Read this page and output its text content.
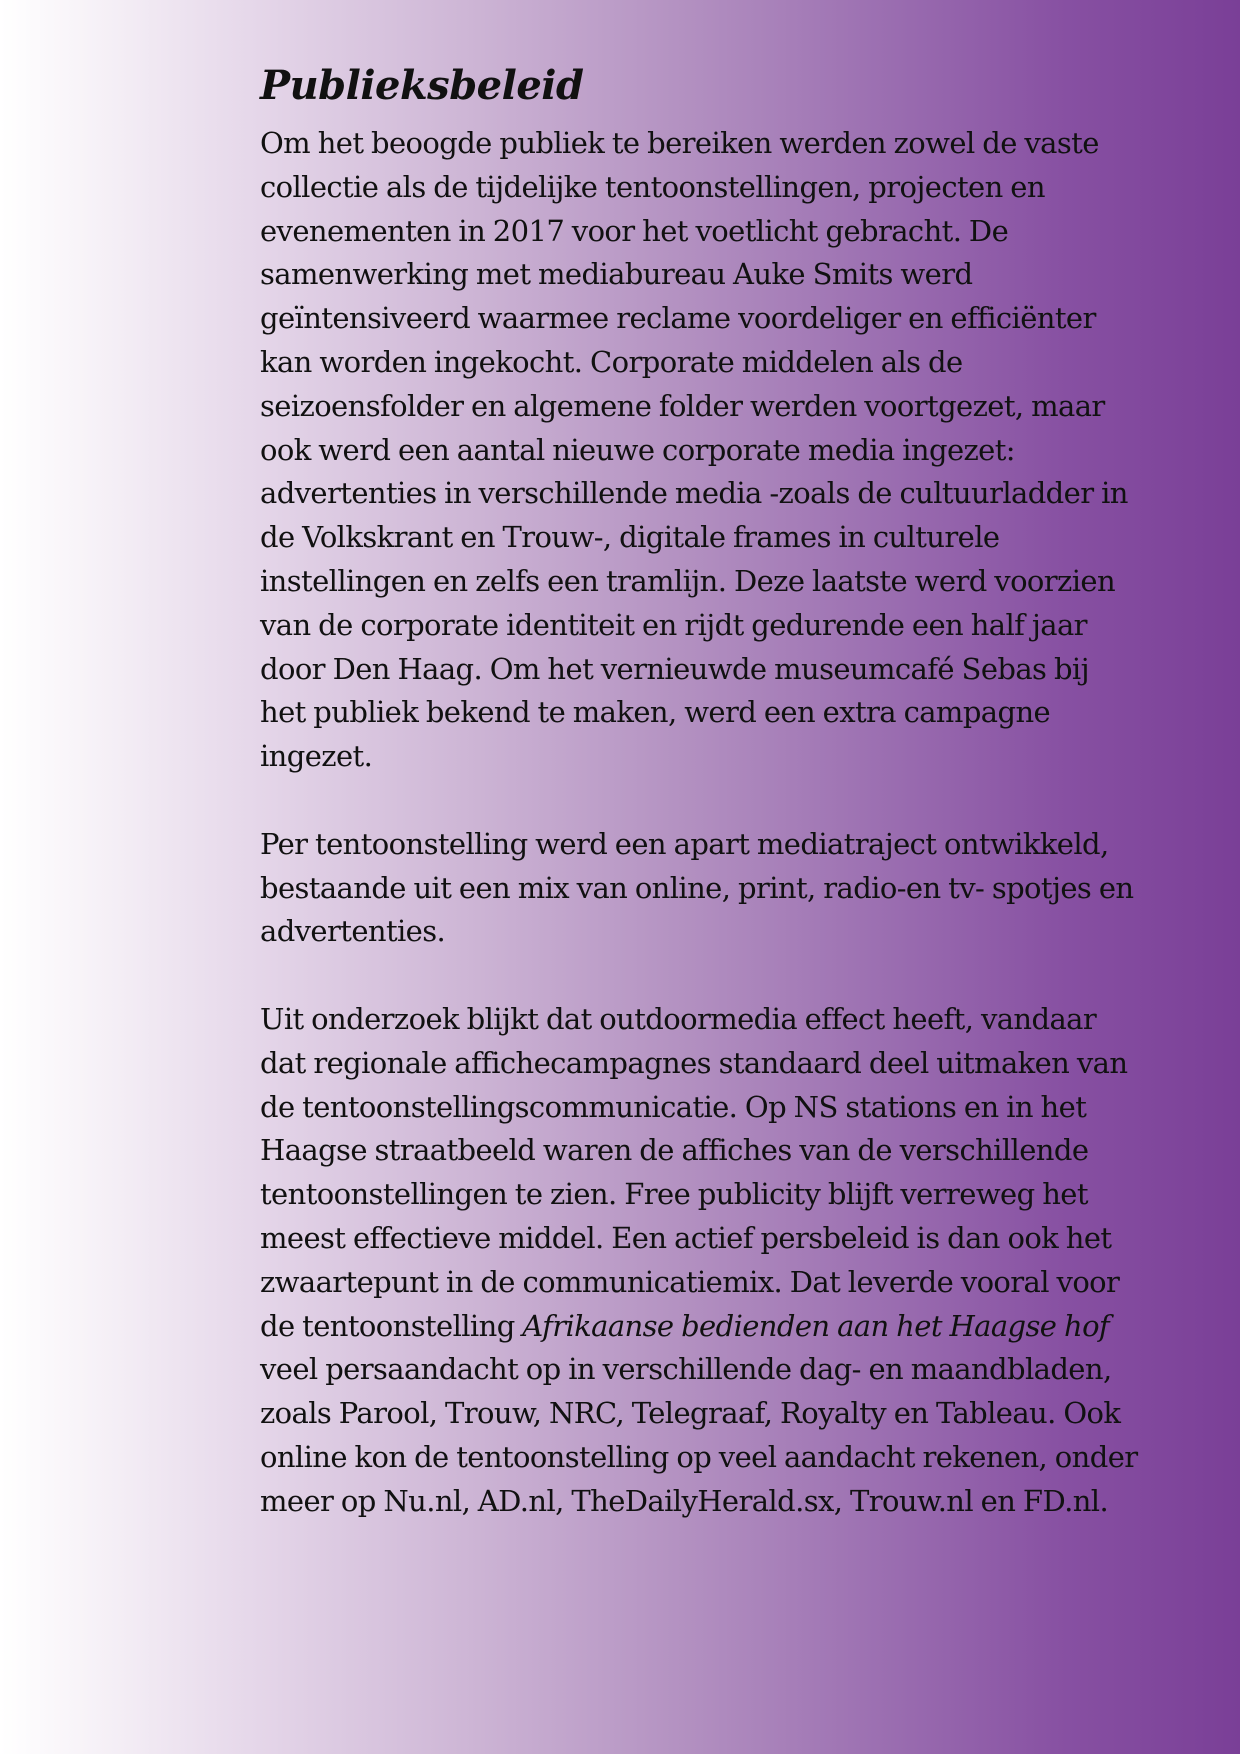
Publieksbeleid

Om het beoogde publiek te bereiken werden zowel de vaste collectie als de tijdelijke tentoonstellingen, projecten en evenementen in 2017 voor het voetlicht gebracht. De samenwerking met mediabureau Auke Smits werd geïntensiveerd waarmee reclame voordeliger en efficiënter kan worden ingekocht. Corporate middelen als de seizoensfolder en algemene folder werden voortgezet, maar ook werd een aantal nieuwe corporate media ingezet: advertenties in verschillende media -zoals de cultuurladder in de Volkskrant en Trouw-, digitale frames in culturele instellingen en zelfs een tramlijn. Deze laatste werd voorzien van de corporate identiteit en rijdt gedurende een half jaar door Den Haag. Om het vernieuwde museumcafé Sebas bij het publiek bekend te maken, werd een extra campagne ingezet.

Per tentoonstelling werd een apart mediatraject ontwikkeld, bestaande uit een mix van online, print, radio-en tv- spotjes en advertenties.

Uit onderzoek blijkt dat outdoormedia effect heeft, vandaar dat regionale affichecampagnes standaard deel uitmaken van de tentoonstellingscommunicatie. Op NS stations en in het Haagse straatbeeld waren de affiches van de verschillende tentoonstellingen te zien. Free publicity blijft verreweg het meest effectieve middel. Een actief persbeleid is dan ook het zwaartepunt in de communicatiemix. Dat leverde vooral voor de tentoonstelling Afrikaanse bedienden aan het Haagse hof veel persaandacht op in verschillende dag- en maandbladen, zoals Parool, Trouw, NRC, Telegraaf, Royalty en Tableau. Ook online kon de tentoonstelling op veel aandacht rekenen, onder meer op Nu.nl, AD.nl, TheDailyHerald.sx, Trouw.nl en FD.nl.
